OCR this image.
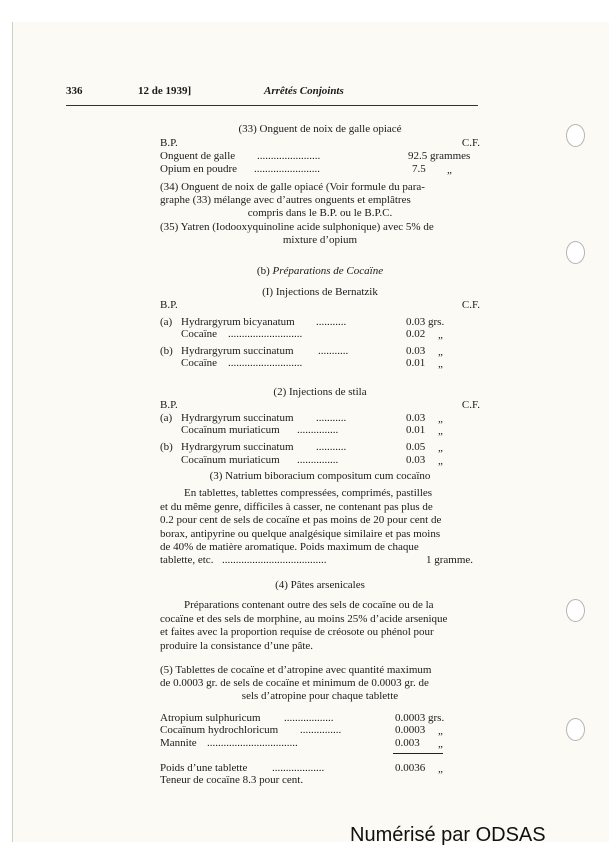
336	12 de 1939]	Arrêtés Conjoints
(33) Onguent de noix de galle opiacé
B.P.	C.F.
Onguent de galle .......................	92.5 grammes
Opium en poudre ........................	7.5 „
(34) Onguent de noix de galle opiacé (Voir formule du para-
graphe (33) mélange avec d’autres onguents et emplâtres
compris dans le B.P. ou le B.P.C.
(35) Yatren (Iodooxyquinoline acide sulphonique) avec 5% de
mixture d’opium
(b) Préparations de Cocaïne
(I) Injections de Bernatzik
B.P.	C.F.
(a) Hydrargyrum bicyanatum ...........	0.03 grs.
Cocaïne ...........................	0.02 „
(b) Hydrargyrum succinatum ...........	0.03 „
Cocaïne ...........................	0.01 „
(2) Injections de stila
B.P.	C.F.
(a) Hydrargyrum succinatum ...........	0.03 „
Cocaïnum muriaticum ...............	0.01 „
(b) Hydrargyrum succinatum ...........	0.05 „
Cocaïnum muriaticum ...............	0.03 „
(3) Natrium biboracium compositum cum cocaïno
En tablettes, tablettes compressées, comprimés, pastilles
et du même genre, difficiles à casser, ne contenant pas plus de
0.2 pour cent de sels de cocaïne et pas moins de 20 pour cent de
borax, antipyrine ou quelque analgésique similaire et pas moins
de 40% de matière aromatique. Poids maximum de chaque
tablette, etc. ......................................	1 gramme.
(4) Pâtes arsenicales
Préparations contenant outre des sels de cocaïne ou de la
cocaïne et des sels de morphine, au moins 25% d’acide arsenique
et faites avec la proportion requise de créosote ou phénol pour
produire la consistance d’une pâte.
(5) Tablettes de cocaïne et d’atropine avec quantité maximum
de 0.0003 gr. de sels de cocaïne et minimum de 0.0003 gr. de
sels d’atropine pour chaque tablette
Atropium sulphuricum ..................	0.0003 grs.
Cocaïnum hydrochloricum ...............	0.0003 „
Mannite .................................	0.003 „
Poids d’une tablette ...................	0.0036 „
Teneur de cocaïne 8.3 pour cent.
Numérisé par ODSAS
